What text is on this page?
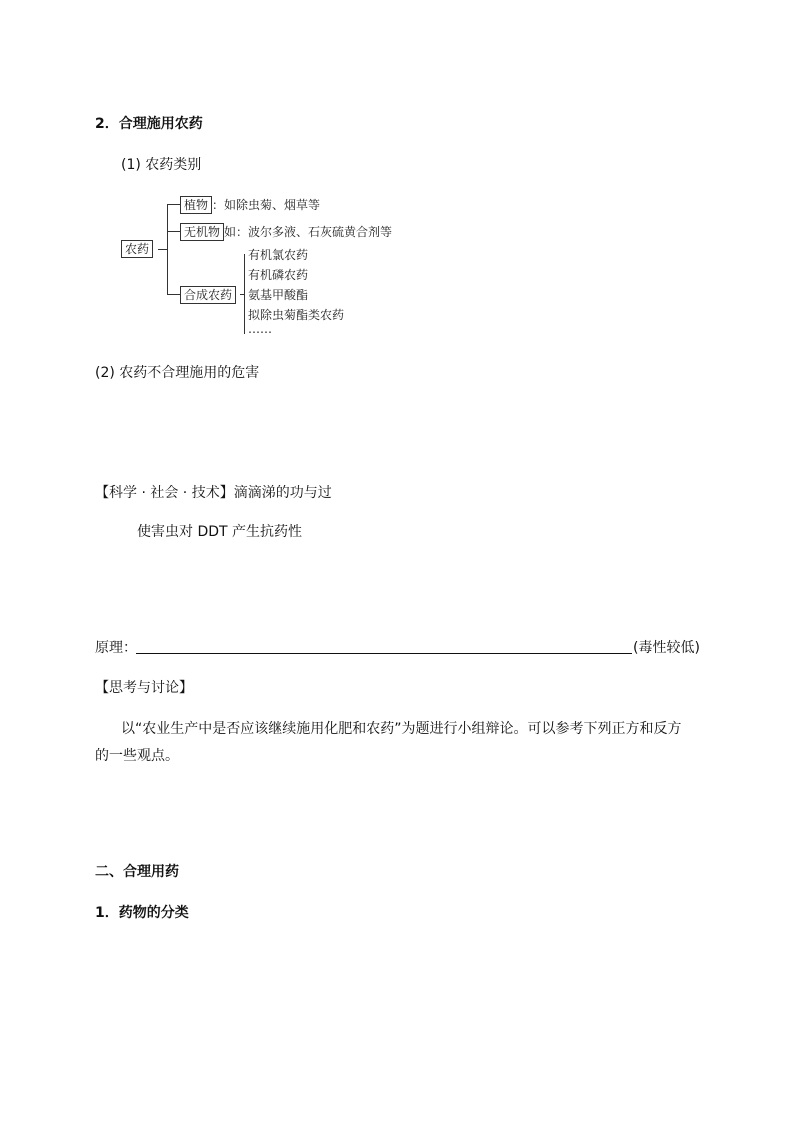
2．合理施用农药
(1) 农药类别
农药
植物 ：如除虫菊、烟草等
无机物 如：波尔多液、石灰硫黄合剂等
合成农药
有机氯农药
有机磷农药
氨基甲酸酯
拟除虫菊酯类农药
……
(2) 农药不合理施用的危害
【科学 · 社会 · 技术】滴滴涕的功与过
使害虫对 DDT 产生抗药性
原理：	(毒性较低)
【思考与讨论】
以“农业生产中是否应该继续施用化肥和农药”为题进行小组辩论。可以参考下列正方和反方
的一些观点。
二、合理用药
1．药物的分类
